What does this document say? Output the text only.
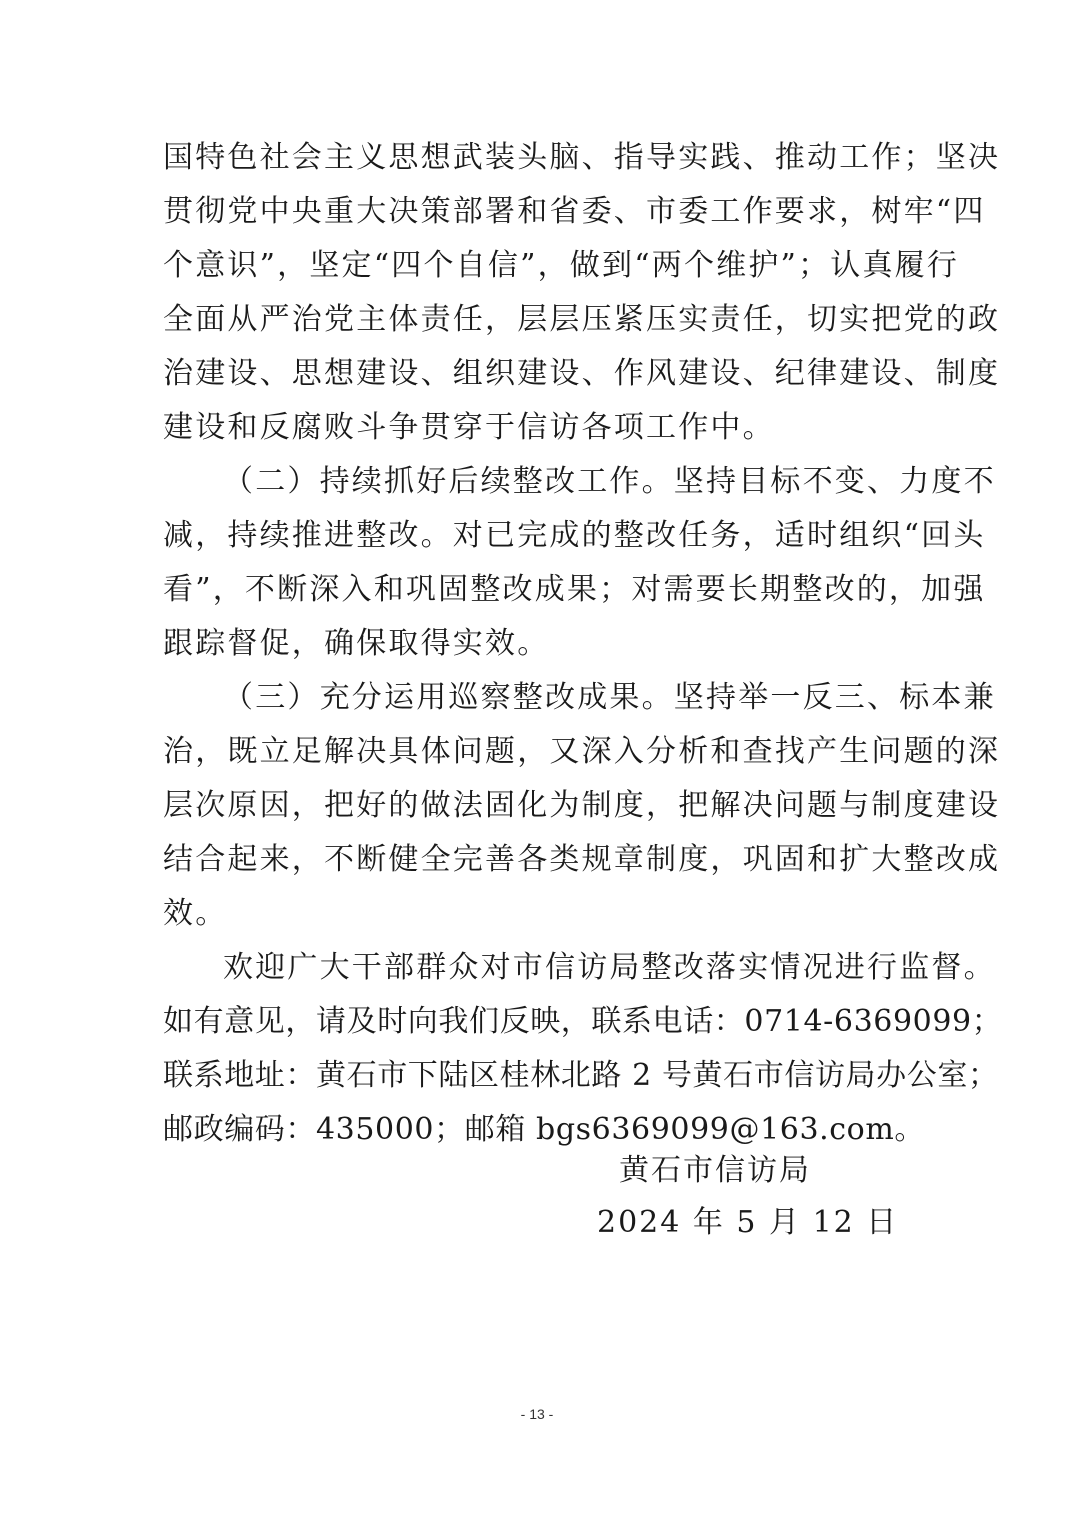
国特色社会主义思想武装头脑、指导实践、推动工作；坚决
贯彻党中央重大决策部署和省委、市委工作要求，树牢“四
个意识”，坚定“四个自信”，做到“两个维护”；认真履行
全面从严治党主体责任，层层压紧压实责任，切实把党的政
治建设、思想建设、组织建设、作风建设、纪律建设、制度
建设和反腐败斗争贯穿于信访各项工作中。
（二）持续抓好后续整改工作。坚持目标不变、力度不
减，持续推进整改。对已完成的整改任务，适时组织“回头
看”，不断深入和巩固整改成果；对需要长期整改的，加强
跟踪督促，确保取得实效。
（三）充分运用巡察整改成果。坚持举一反三、标本兼
治，既立足解决具体问题，又深入分析和查找产生问题的深
层次原因，把好的做法固化为制度，把解决问题与制度建设
结合起来，不断健全完善各类规章制度，巩固和扩大整改成
效。
欢迎广大干部群众对市信访局整改落实情况进行监督。
如有意见，请及时向我们反映，联系电话：0714-6369099；
联系地址：黄石市下陆区桂林北路 2 号黄石市信访局办公室；
邮政编码：435000；邮箱 bgs6369099@163.com。
黄石市信访局
2024 年 5 月 12 日
- 13 -
